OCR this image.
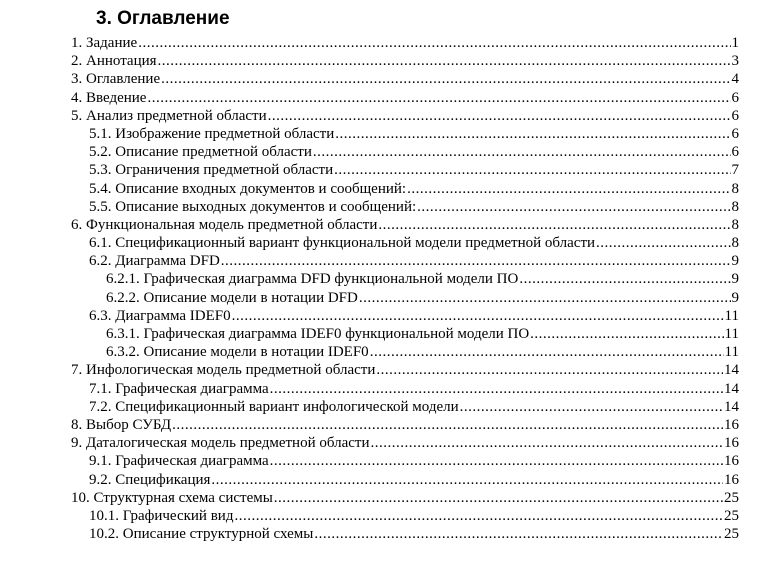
3. Оглавление
1. Задание .....	1
2. Аннотация .....	3
3. Оглавление .....	4
4. Введение .....	6
5. Анализ предметной области .....	6
5.1. Изображение предметной области .....	6
5.2. Описание предметной области .....	6
5.3. Ограничения предметной области .....	7
5.4. Описание входных документов и сообщений: .....	8
5.5. Описание выходных документов и сообщений: .....	8
6. Функциональная модель предметной области .....	8
6.1. Спецификационный вариант функциональной модели предметной области .....	8
6.2. Диаграмма DFD .....	9
6.2.1. Графическая диаграмма DFD функциональной модели ПО .....	9
6.2.2. Описание модели в нотации DFD .....	9
6.3. Диаграмма IDEF0 .....	11
6.3.1. Графическая диаграмма IDEF0 функциональной модели ПО .....	11
6.3.2. Описание модели в нотации IDEF0 .....	11
7. Инфологическая модель предметной области .....	14
7.1. Графическая диаграмма .....	14
7.2. Спецификационный вариант инфологической модели .....	14
8. Выбор СУБД .....	16
9. Даталогическая модель предметной области .....	16
9.1. Графическая диаграмма .....	16
9.2. Спецификация .....	16
10. Структурная схема системы .....	25
10.1. Графический вид .....	25
10.2. Описание структурной схемы .....	25
